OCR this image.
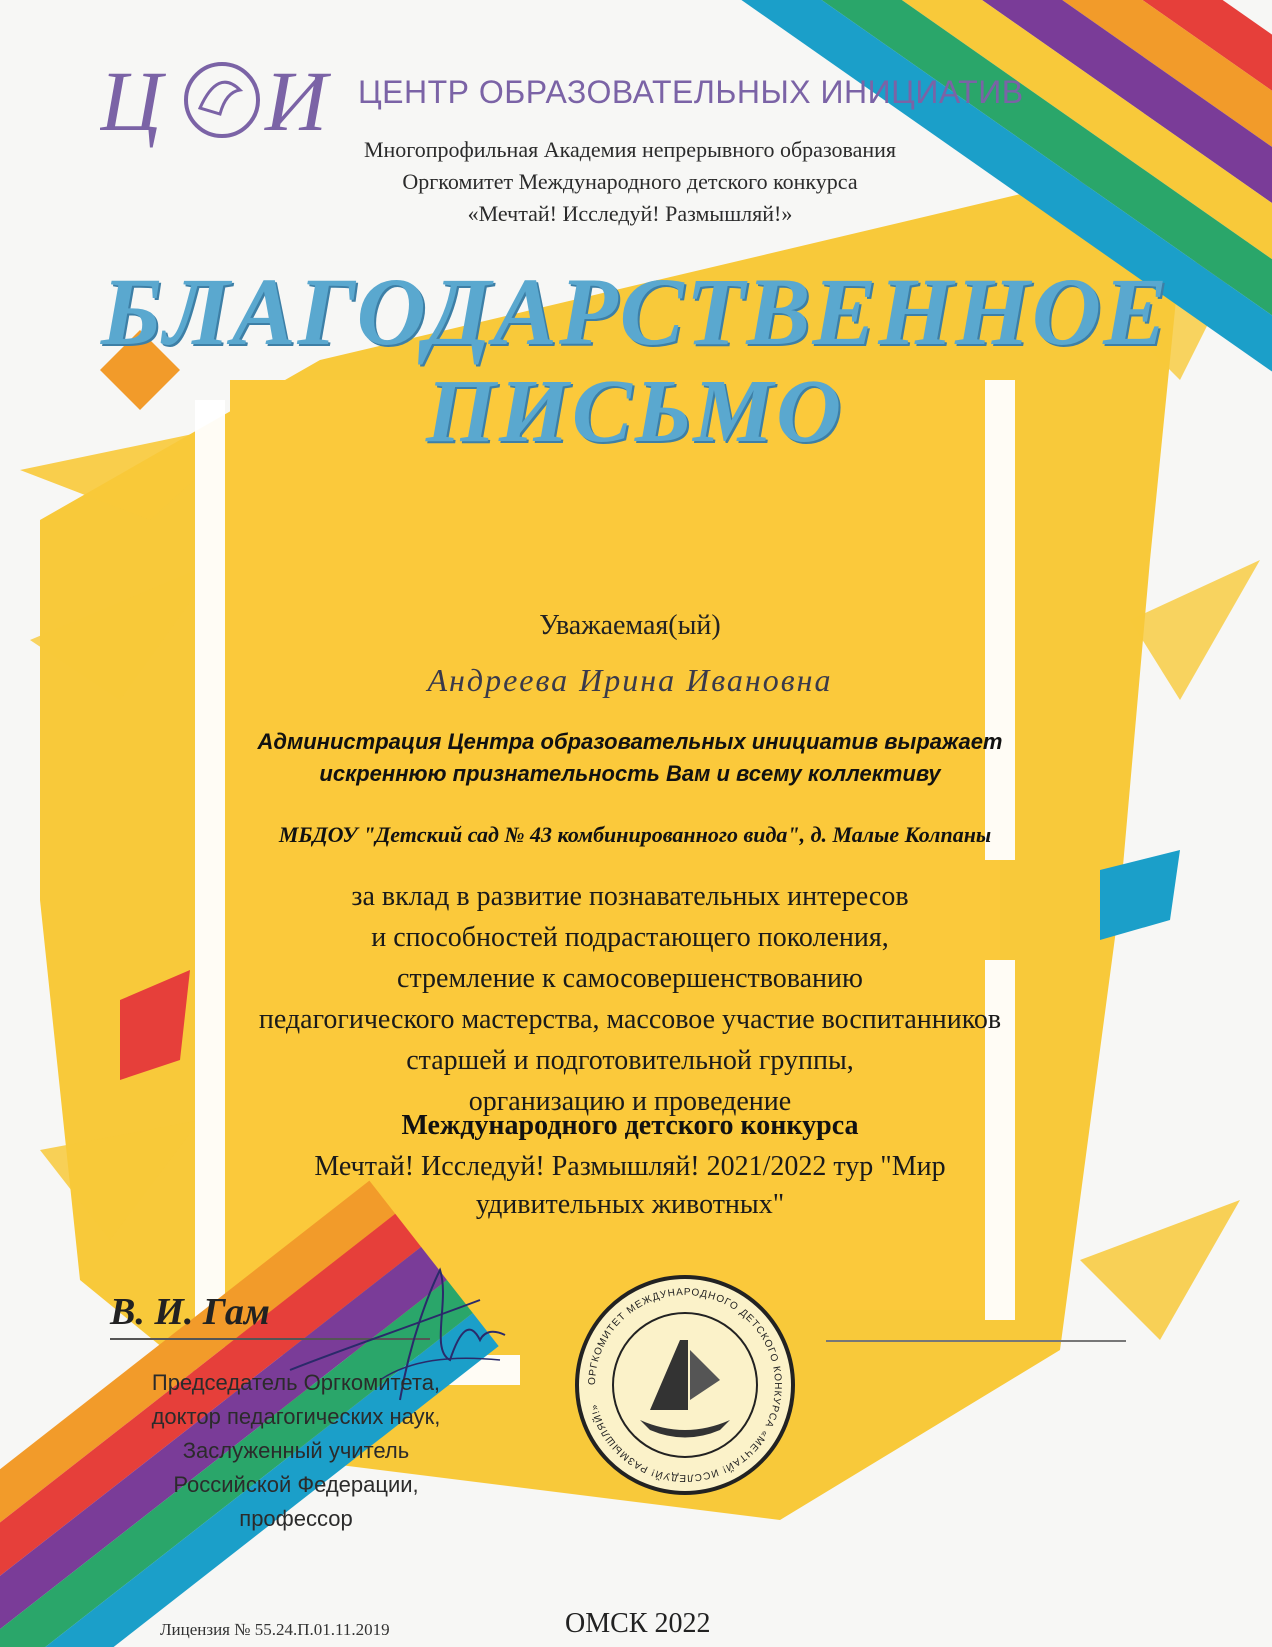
Ц И ЦЕНТР ОБРАЗОВАТЕЛЬНЫХ ИНИЦИАТИВ
Многопрофильная Академия непрерывного образования
Оргкомитет Международного детского конкурса
«Мечтай! Исследуй! Размышляй!»
БЛАГОДАРСТВЕННОЕ
ПИСЬМО
Уважаемая(ый)
Андреева Ирина Ивановна
Администрация Центра образовательных инициатив выражает
искреннюю признательность Вам и всему коллективу
МБДОУ "Детский сад № 43 комбинированного вида", д. Малые Колпаны
за вклад в развитие познавательных интересов
и способностей подрастающего поколения,
стремление к самосовершенствованию
педагогического мастерства, массовое участие воспитанников
старшей и подготовительной группы,
организацию и проведение
Международного детского конкурса
Мечтай! Исследуй! Размышляй! 2021/2022 тур "Мир
удивительных животных"
В. И. Гам
Председатель Оргкомитета,
доктор педагогических наук,
Заслуженный учитель
Российской Федерации,
профессор
ОРГКОМИТЕТ МЕЖДУНАРОДНОГО ДЕТСКОГО КОНКУРСА «МЕЧТАЙ! ИССЛЕДУЙ! РАЗМЫШЛЯЙ!»
Лицензия № 55.24.П.01.11.2019	ОМСК 2022
